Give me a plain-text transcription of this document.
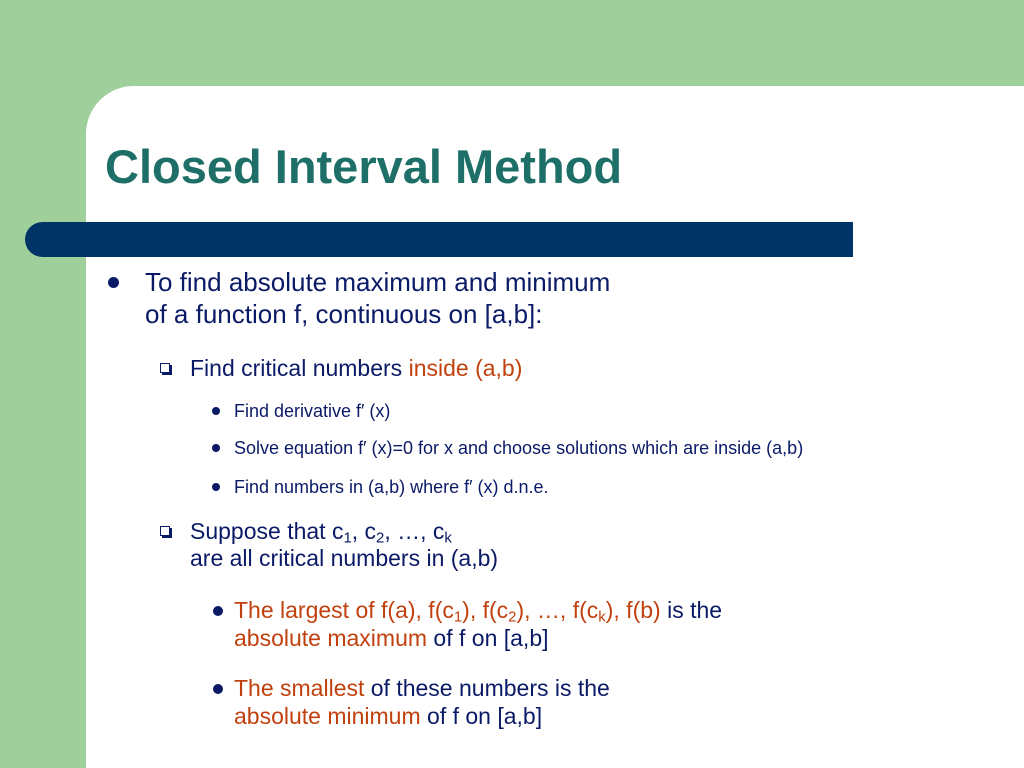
Closed Interval Method
To find absolute maximum and minimum
of a function f, continuous on [a,b]:
Find critical numbers inside (a,b)
Find derivative f′ (x)
Solve equation f′ (x)=0 for x and choose solutions which are inside (a,b)
Find numbers in (a,b) where f′ (x) d.n.e.
Suppose that $c_1$, $c_2$, …, $c_k$
are all critical numbers in (a,b)
The largest of f(a), $f(c_1)$, $f(c_2)$, …, $f(c_k)$, f(b) is the
absolute maximum of f on [a,b]
The smallest of these numbers is the
absolute minimum of f on [a,b]
